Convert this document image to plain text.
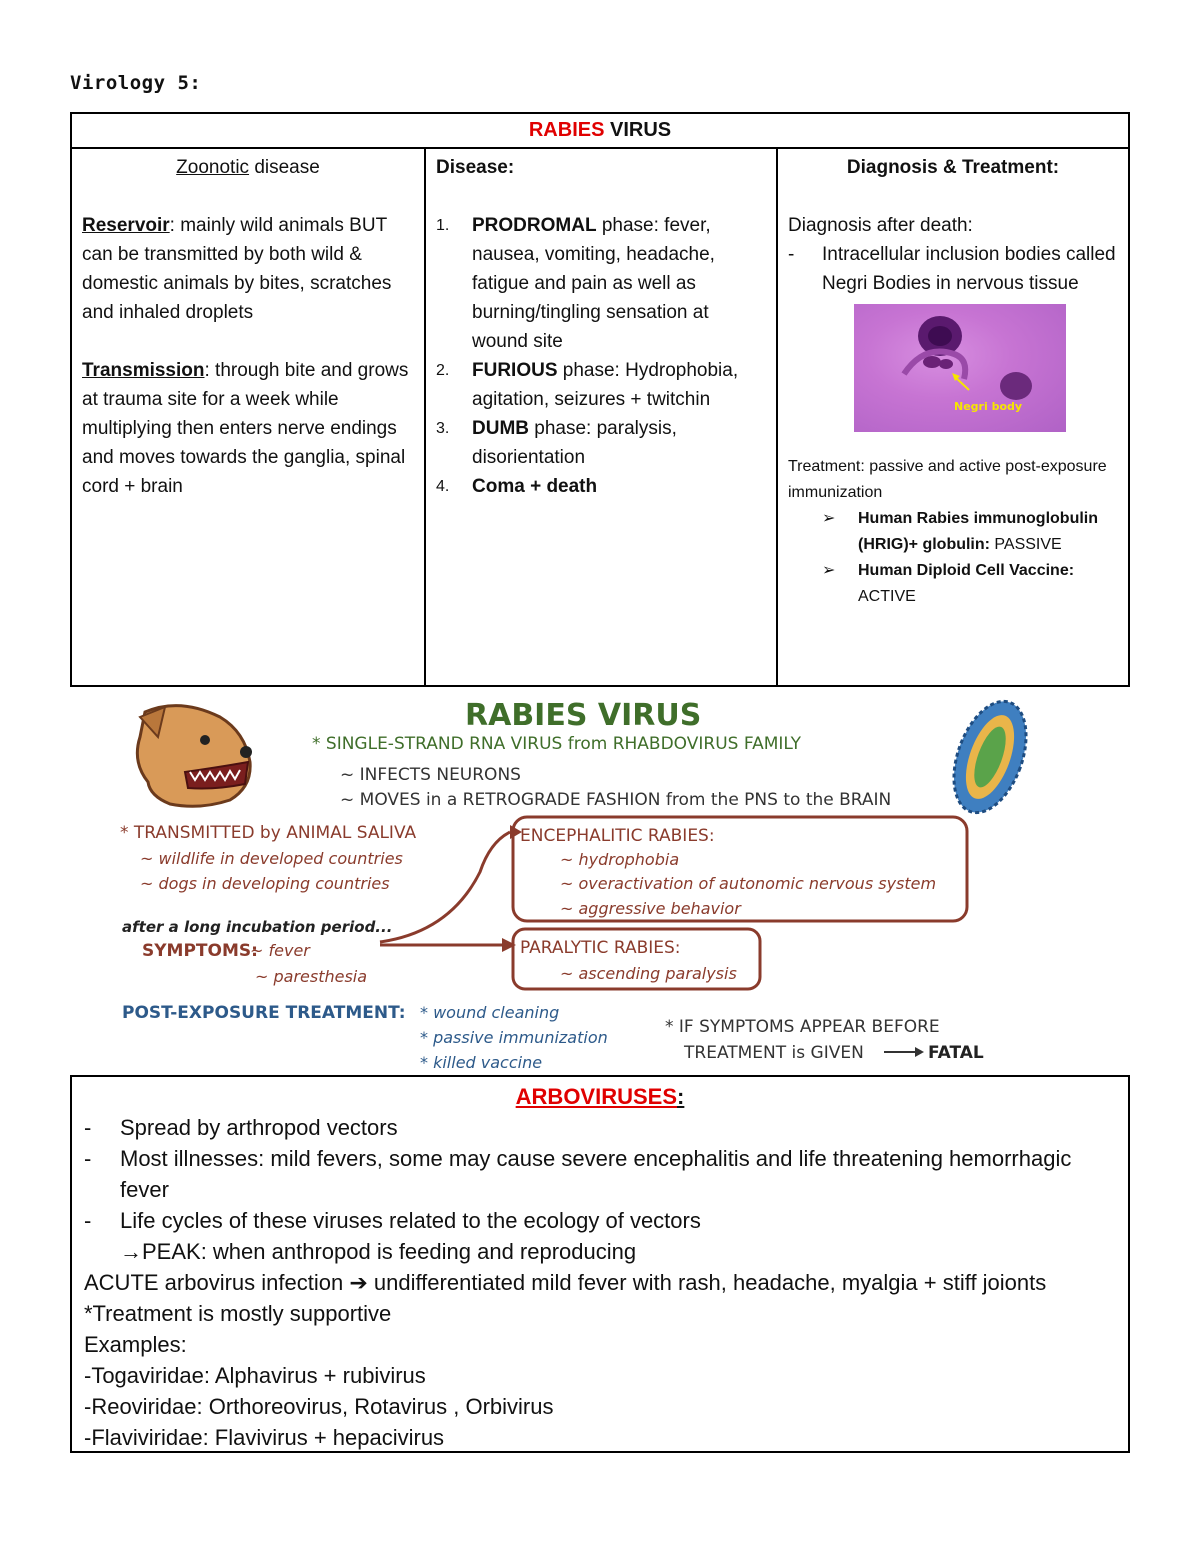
Virology 5:
RABIES VIRUS
Zoonotic disease
Reservoir: mainly wild animals BUT can be transmitted by both wild & domestic animals by bites, scratches and inhaled droplets
Transmission: through bite and grows at trauma site for a week while multiplying then enters nerve endings and moves towards the ganglia, spinal cord + brain
Disease:
1.	PRODROMAL phase: fever, nausea, vomiting, headache, fatigue and pain as well as burning/tingling sensation at wound site
2.	FURIOUS phase: Hydrophobia, agitation, seizures + twitchin
3.	DUMB phase: paralysis, disorientation
4.	Coma + death
Diagnosis & Treatment:
Diagnosis after death:
-	Intracellular inclusion bodies called Negri Bodies in nervous tissue
Negri body
Treatment: passive and active post-exposure immunization
➢	Human Rabies immunoglobulin (HRIG)+ globulin: PASSIVE
➢	Human Diploid Cell Vaccine: ACTIVE
RABIES VIRUS
* SINGLE-STRAND RNA VIRUS from RHABDOVIRUS FAMILY
~ INFECTS NEURONS
~ MOVES in a RETROGRADE FASHION from the PNS to the BRAIN
* TRANSMITTED by ANIMAL SALIVA
~ wildlife in developed countries
~ dogs in developing countries
after a long incubation period...
SYMPTOMS:
~ fever
~ paresthesia
ENCEPHALITIC RABIES:
~ hydrophobia
~ overactivation of autonomic nervous system
~ aggressive behavior
PARALYTIC RABIES:
~ ascending paralysis
POST-EXPOSURE TREATMENT: * wound cleaning
* passive immunization
* killed vaccine
* IF SYMPTOMS APPEAR BEFORE
TREATMENT is GIVEN	FATAL
ARBOVIRUSES:
-	Spread by arthropod vectors
-	Most illnesses: mild fevers, some may cause severe encephalitis and life threatening hemorrhagic fever
-	Life cycles of these viruses related to the ecology of vectors
→PEAK: when anthropod is feeding and reproducing
ACUTE arbovirus infection ➔ undifferentiated mild fever with rash, headache, myalgia + stiff joionts
*Treatment is mostly supportive
Examples:
-Togaviridae: Alphavirus + rubivirus
-Reoviridae: Orthoreovirus, Rotavirus , Orbivirus
-Flaviviridae: Flavivirus + hepacivirus
